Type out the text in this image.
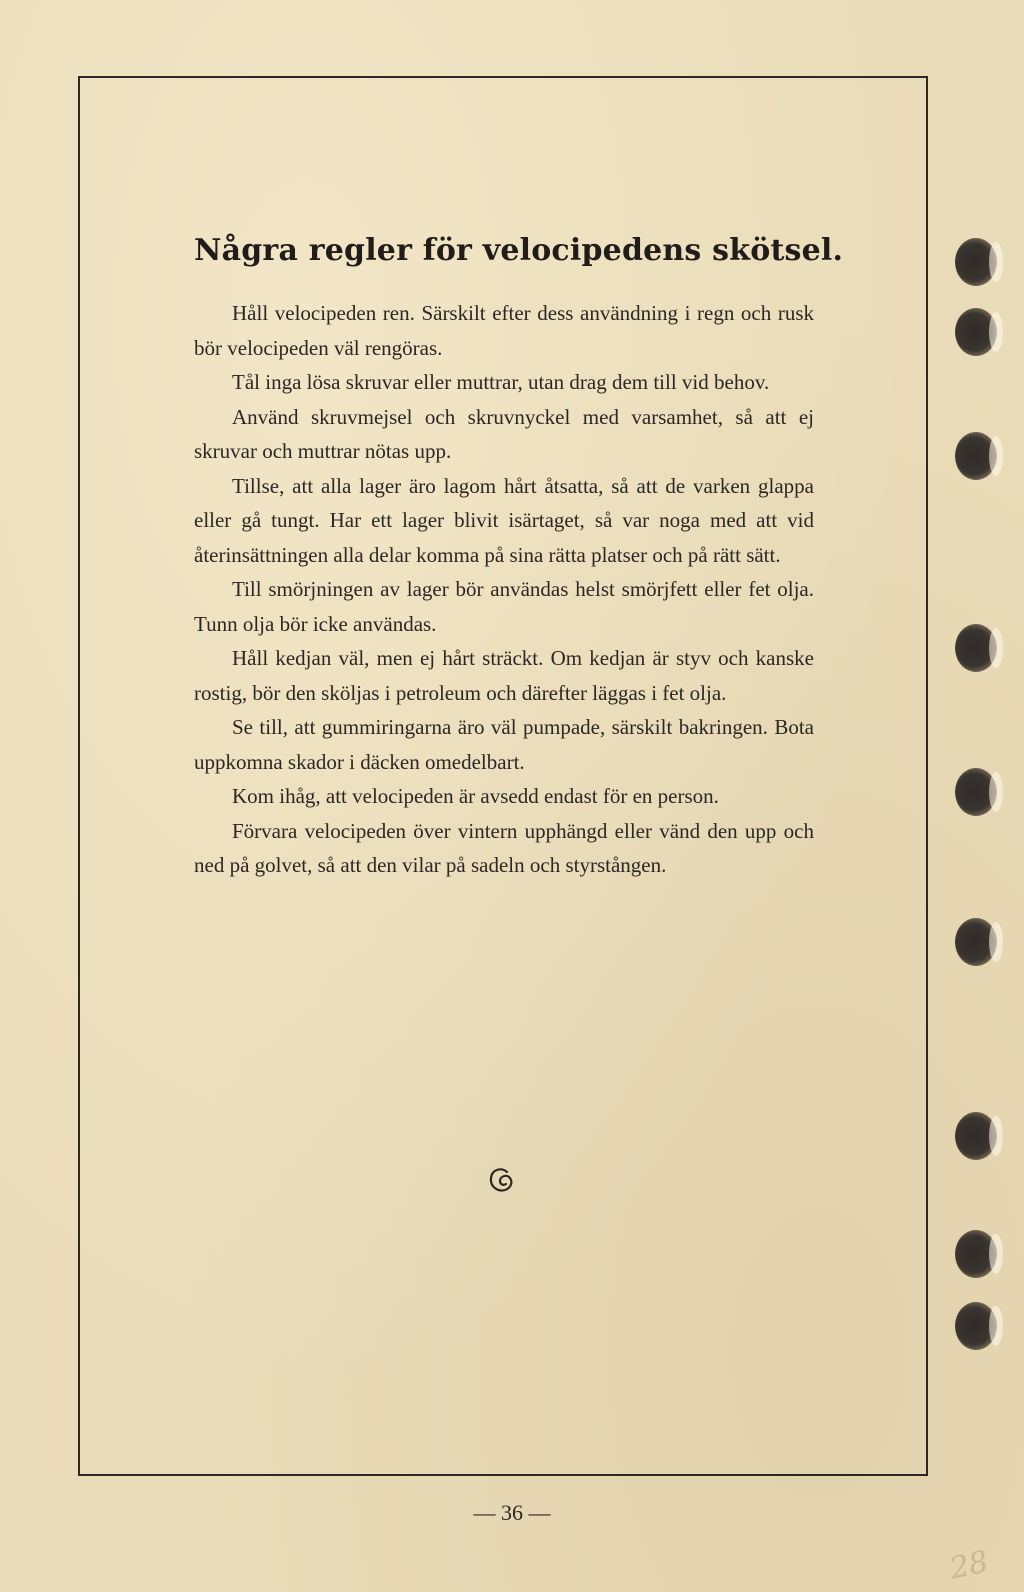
Några regler för velocipedens skötsel.

Håll velocipeden ren. Särskilt efter dess användning i regn och rusk bör velocipeden väl rengöras.

Tål inga lösa skruvar eller muttrar, utan drag dem till vid behov.

Använd skruvmejsel och skruvnyckel med varsamhet, så att ej skruvar och muttrar nötas upp.

Tillse, att alla lager äro lagom hårt åtsatta, så att de varken glappa eller gå tungt. Har ett lager blivit isärtaget, så var noga med att vid återinsättningen alla delar komma på sina rätta platser och på rätt sätt.

Till smörjningen av lager bör användas helst smörjfett eller fet olja. Tunn olja bör icke användas.

Håll kedjan väl, men ej hårt sträckt. Om kedjan är styv och kanske rostig, bör den sköljas i petroleum och därefter läggas i fet olja.

Se till, att gummiringarna äro väl pumpade, särskilt bakringen. Bota uppkomna skador i däcken omedelbart.

Kom ihåg, att velocipeden är avsedd endast för en person.

Förvara velocipeden över vintern upphängd eller vänd den upp och ned på golvet, så att den vilar på sadeln och styrstången.

— 36 —
28
